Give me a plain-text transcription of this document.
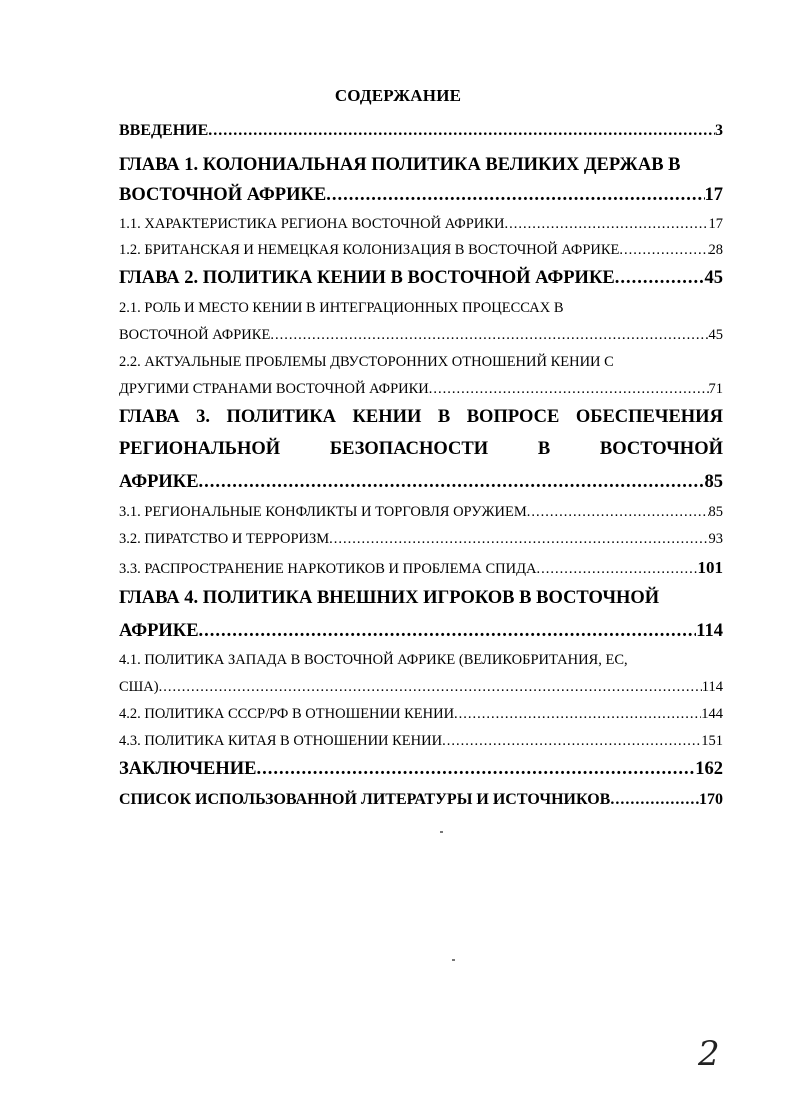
СОДЕРЖАНИЕ
ВВЕДЕНИЕ .....	3
ГЛАВА 1. КОЛОНИАЛЬНАЯ ПОЛИТИКА ВЕЛИКИХ ДЕРЖАВ В
ВОСТОЧНОЙ АФРИКЕ .....	17
1.1. ХАРАКТЕРИСТИКА РЕГИОНА ВОСТОЧНОЙ АФРИКИ .....	17
1.2. БРИТАНСКАЯ И НЕМЕЦКАЯ КОЛОНИЗАЦИЯ В ВОСТОЧНОЙ АФРИКЕ .....	28
ГЛАВА 2. ПОЛИТИКА КЕНИИ В ВОСТОЧНОЙ АФРИКЕ .....	45
2.1. РОЛЬ И МЕСТО КЕНИИ В ИНТЕГРАЦИОННЫХ ПРОЦЕССАХ В
ВОСТОЧНОЙ АФРИКЕ .....	45
2.2. АКТУАЛЬНЫЕ ПРОБЛЕМЫ ДВУСТОРОННИХ ОТНОШЕНИЙ КЕНИИ С
ДРУГИМИ СТРАНАМИ ВОСТОЧНОЙ АФРИКИ .....	71
ГЛАВА 3. ПОЛИТИКА КЕНИИ В ВОПРОСЕ ОБЕСПЕЧЕНИЯ
РЕГИОНАЛЬНОЙ	БЕЗОПАСНОСТИ	В	ВОСТОЧНОЙ
АФРИКЕ .....	85
3.1. РЕГИОНАЛЬНЫЕ КОНФЛИКТЫ И ТОРГОВЛЯ ОРУЖИЕМ .....	85
3.2. ПИРАТСТВО И ТЕРРОРИЗМ .....	93
3.3. РАСПРОСТРАНЕНИЕ НАРКОТИКОВ И ПРОБЛЕМА СПИДА .....	101
ГЛАВА 4. ПОЛИТИКА ВНЕШНИХ ИГРОКОВ В ВОСТОЧНОЙ
АФРИКЕ .....	114
4.1. ПОЛИТИКА ЗАПАДА В ВОСТОЧНОЙ АФРИКЕ (ВЕЛИКОБРИТАНИЯ, ЕС,
США) .....	114
4.2. ПОЛИТИКА СССР/РФ В ОТНОШЕНИИ КЕНИИ .....	144
4.3. ПОЛИТИКА КИТАЯ В ОТНОШЕНИИ КЕНИИ .....	151
ЗАКЛЮЧЕНИЕ .....	162
СПИСОК ИСПОЛЬЗОВАННОЙ ЛИТЕРАТУРЫ И ИСТОЧНИКОВ .....	170
2
